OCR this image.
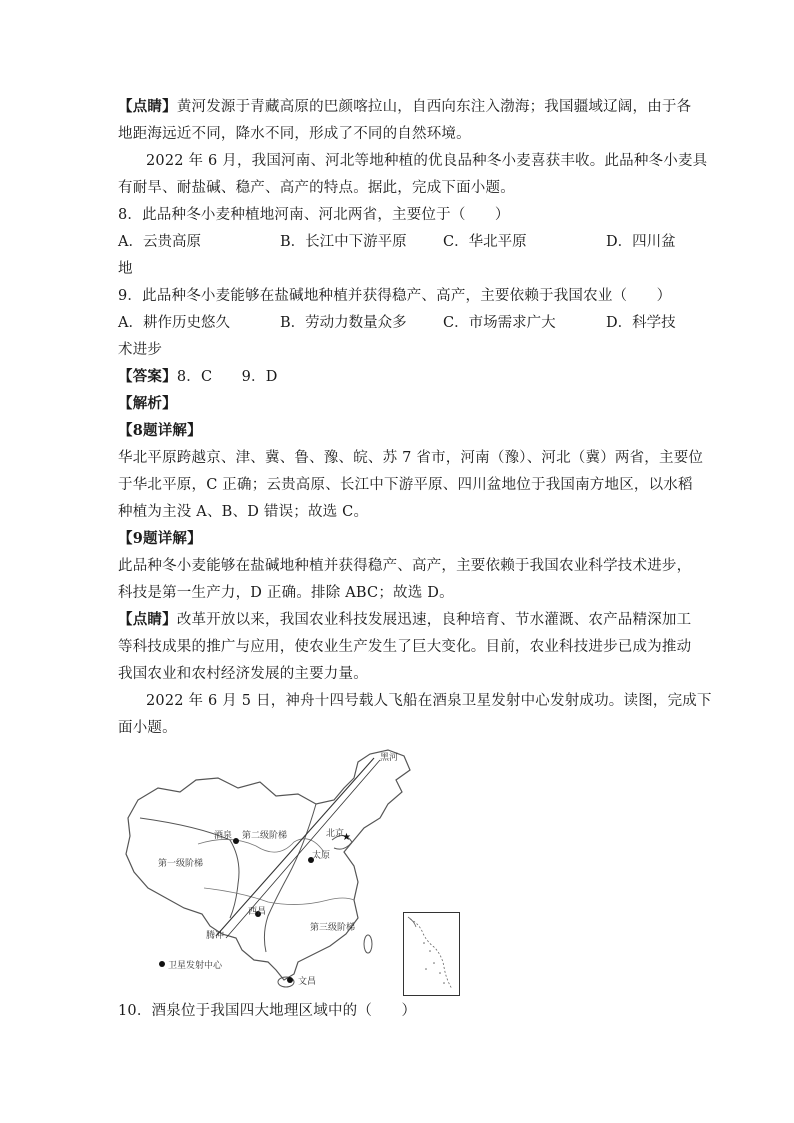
【点睛】黄河发源于青藏高原的巴颜喀拉山，自西向东注入渤海；我国疆域辽阔，由于各
地距海远近不同，降水不同，形成了不同的自然环境。
2022 年 6 月，我国河南、河北等地种植的优良品种冬小麦喜获丰收。此品种冬小麦具
有耐旱、耐盐碱、稳产、高产的特点。据此，完成下面小题。
8．此品种冬小麦种植地河南、河北两省，主要位于（　　）
A．云贵高原	B．长江中下游平原	C．华北平原	D．四川盆
地
9．此品种冬小麦能够在盐碱地种植并获得稳产、高产，主要依赖于我国农业（　　）
A．耕作历史悠久	B．劳动力数量众多	C．市场需求广大	D．科学技
术进步
【答案】8．C　　9．D
【解析】
【8题详解】
华北平原跨越京、津、冀、鲁、豫、皖、苏 7 省市，河南（豫）、河北（冀）两省，主要位
于华北平原，C 正确；云贵高原、长江中下游平原、四川盆地位于我国南方地区，以水稻
种植为主没 A、B、D 错误；故选 C。
【9题详解】
此品种冬小麦能够在盐碱地种植并获得稳产、高产，主要依赖于我国农业科学技术进步，
科技是第一生产力，D 正确。排除 ABC；故选 D。
【点睛】改革开放以来，我国农业科技发展迅速，良种培育、节水灌溉、农产品精深加工
等科技成果的推广与应用，使农业生产发生了巨大变化。目前，农业科技进步已成为推动
我国农业和农村经济发展的主要力量。
2022 年 6 月 5 日，神舟十四号载人飞船在酒泉卫星发射中心发射成功。读图，完成下
面小题。
★
黑河
酒泉 第二级阶梯	北京
太原
第一级阶梯
西昌
腾冲
第三级阶梯
卫星发射中心
文昌
10．酒泉位于我国四大地理区域中的（　　）
